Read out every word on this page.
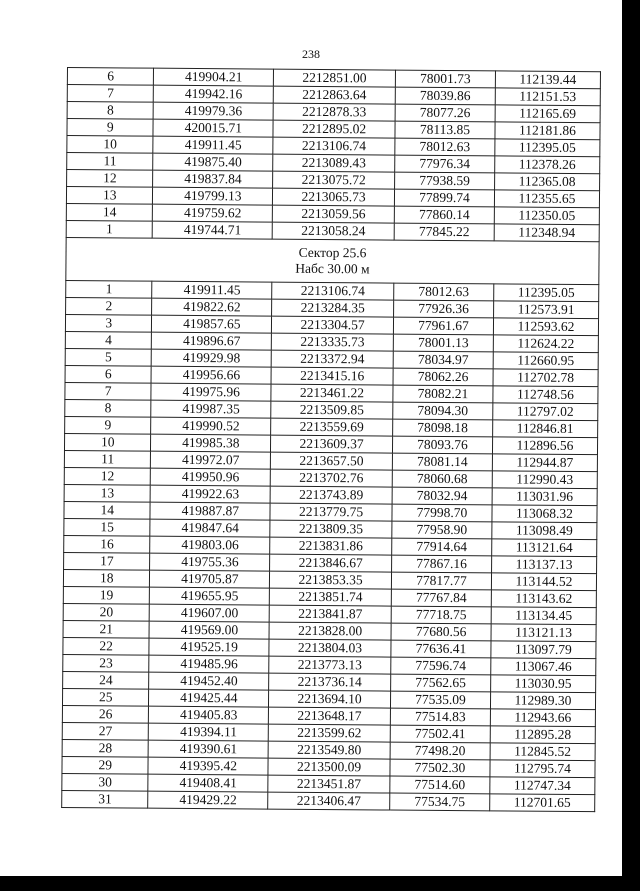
238
6	419904.21	2212851.00	78001.73	112139.44
7	419942.16	2212863.64	78039.86	112151.53
8	419979.36	2212878.33	78077.26	112165.69
9	420015.71	2212895.02	78113.85	112181.86
10	419911.45	2213106.74	78012.63	112395.05
11	419875.40	2213089.43	77976.34	112378.26
12	419837.84	2213075.72	77938.59	112365.08
13	419799.13	2213065.73	77899.74	112355.65
14	419759.62	2213059.56	77860.14	112350.05
1	419744.71	2213058.24	77845.22	112348.94

Сектор 25.6
Набс 30.00 м				

1	419911.45	2213106.74	78012.63	112395.05
2	419822.62	2213284.35	77926.36	112573.91
3	419857.65	2213304.57	77961.67	112593.62
4	419896.67	2213335.73	78001.13	112624.22
5	419929.98	2213372.94	78034.97	112660.95
6	419956.66	2213415.16	78062.26	112702.78
7	419975.96	2213461.22	78082.21	112748.56
8	419987.35	2213509.85	78094.30	112797.02
9	419990.52	2213559.69	78098.18	112846.81
10	419985.38	2213609.37	78093.76	112896.56
11	419972.07	2213657.50	78081.14	112944.87
12	419950.96	2213702.76	78060.68	112990.43
13	419922.63	2213743.89	78032.94	113031.96
14	419887.87	2213779.75	77998.70	113068.32
15	419847.64	2213809.35	77958.90	113098.49
16	419803.06	2213831.86	77914.64	113121.64
17	419755.36	2213846.67	77867.16	113137.13
18	419705.87	2213853.35	77817.77	113144.52
19	419655.95	2213851.74	77767.84	113143.62
20	419607.00	2213841.87	77718.75	113134.45
21	419569.00	2213828.00	77680.56	113121.13
22	419525.19	2213804.03	77636.41	113097.79
23	419485.96	2213773.13	77596.74	113067.46
24	419452.40	2213736.14	77562.65	113030.95
25	419425.44	2213694.10	77535.09	112989.30
26	419405.83	2213648.17	77514.83	112943.66
27	419394.11	2213599.62	77502.41	112895.28
28	419390.61	2213549.80	77498.20	112845.52
29	419395.42	2213500.09	77502.30	112795.74
30	419408.41	2213451.87	77514.60	112747.34
31	419429.22	2213406.47	77534.75	112701.65
